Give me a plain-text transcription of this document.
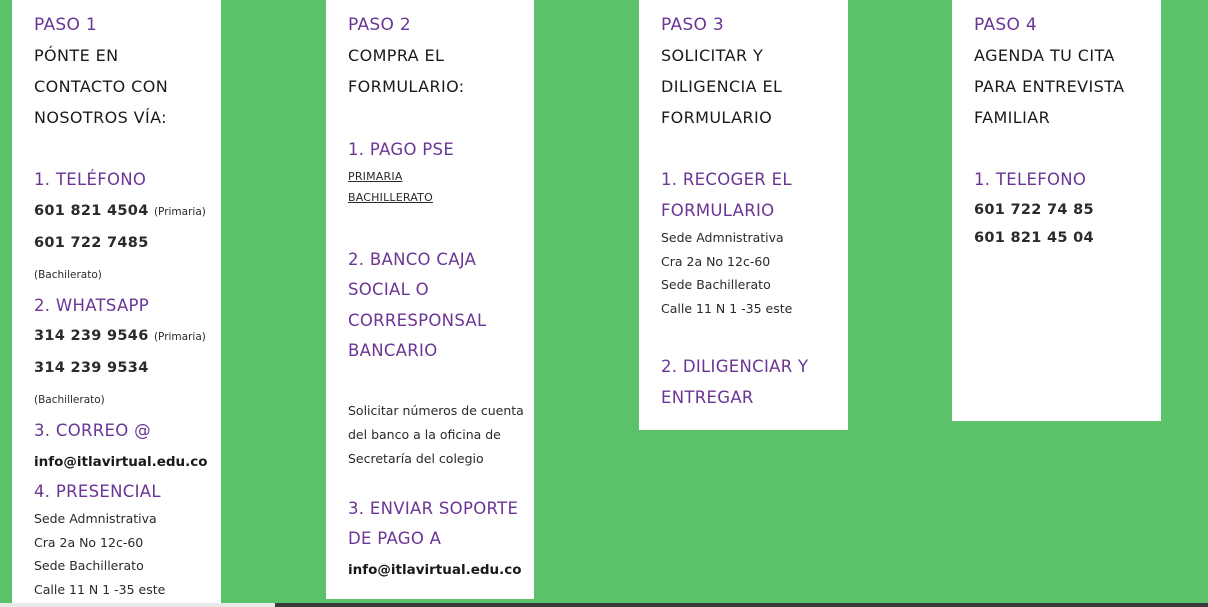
PASO 1
PÓNTE EN
CONTACTO CON
NOSOTROS VÍA:
1. TELÉFONO
601 821 4504 (Primaria)
601 722 7485 (Bachilerato)
2. WHATSAPP
314 239 9546 (Primaria)
314 239 9534 (Bachillerato)
3. CORREO @
info@itlavirtual.edu.co
4. PRESENCIAL
Sede Admnistrativa
Cra 2a No 12c-60
Sede Bachillerato
Calle 11 N 1 -35 este
PASO 2
COMPRA EL
FORMULARIO:
1. PAGO PSE
PRIMARIA
BACHILLERATO
2. BANCO CAJA
SOCIAL O
CORRESPONSAL
BANCARIO
Solicitar números de cuenta
del banco a la oficina de
Secretaría del colegio
3. ENVIAR SOPORTE
DE PAGO A
info@itlavirtual.edu.co
PASO 3
SOLICITAR Y
DILIGENCIA EL
FORMULARIO
1. RECOGER EL
FORMULARIO
Sede Admnistrativa
Cra 2a No 12c-60
Sede Bachillerato
Calle 11 N 1 -35 este
2. DILIGENCIAR Y
ENTREGAR
PASO 4
AGENDA TU CITA
PARA ENTREVISTA
FAMILIAR
1. TELEFONO
601 722 74 85
601 821 45 04
